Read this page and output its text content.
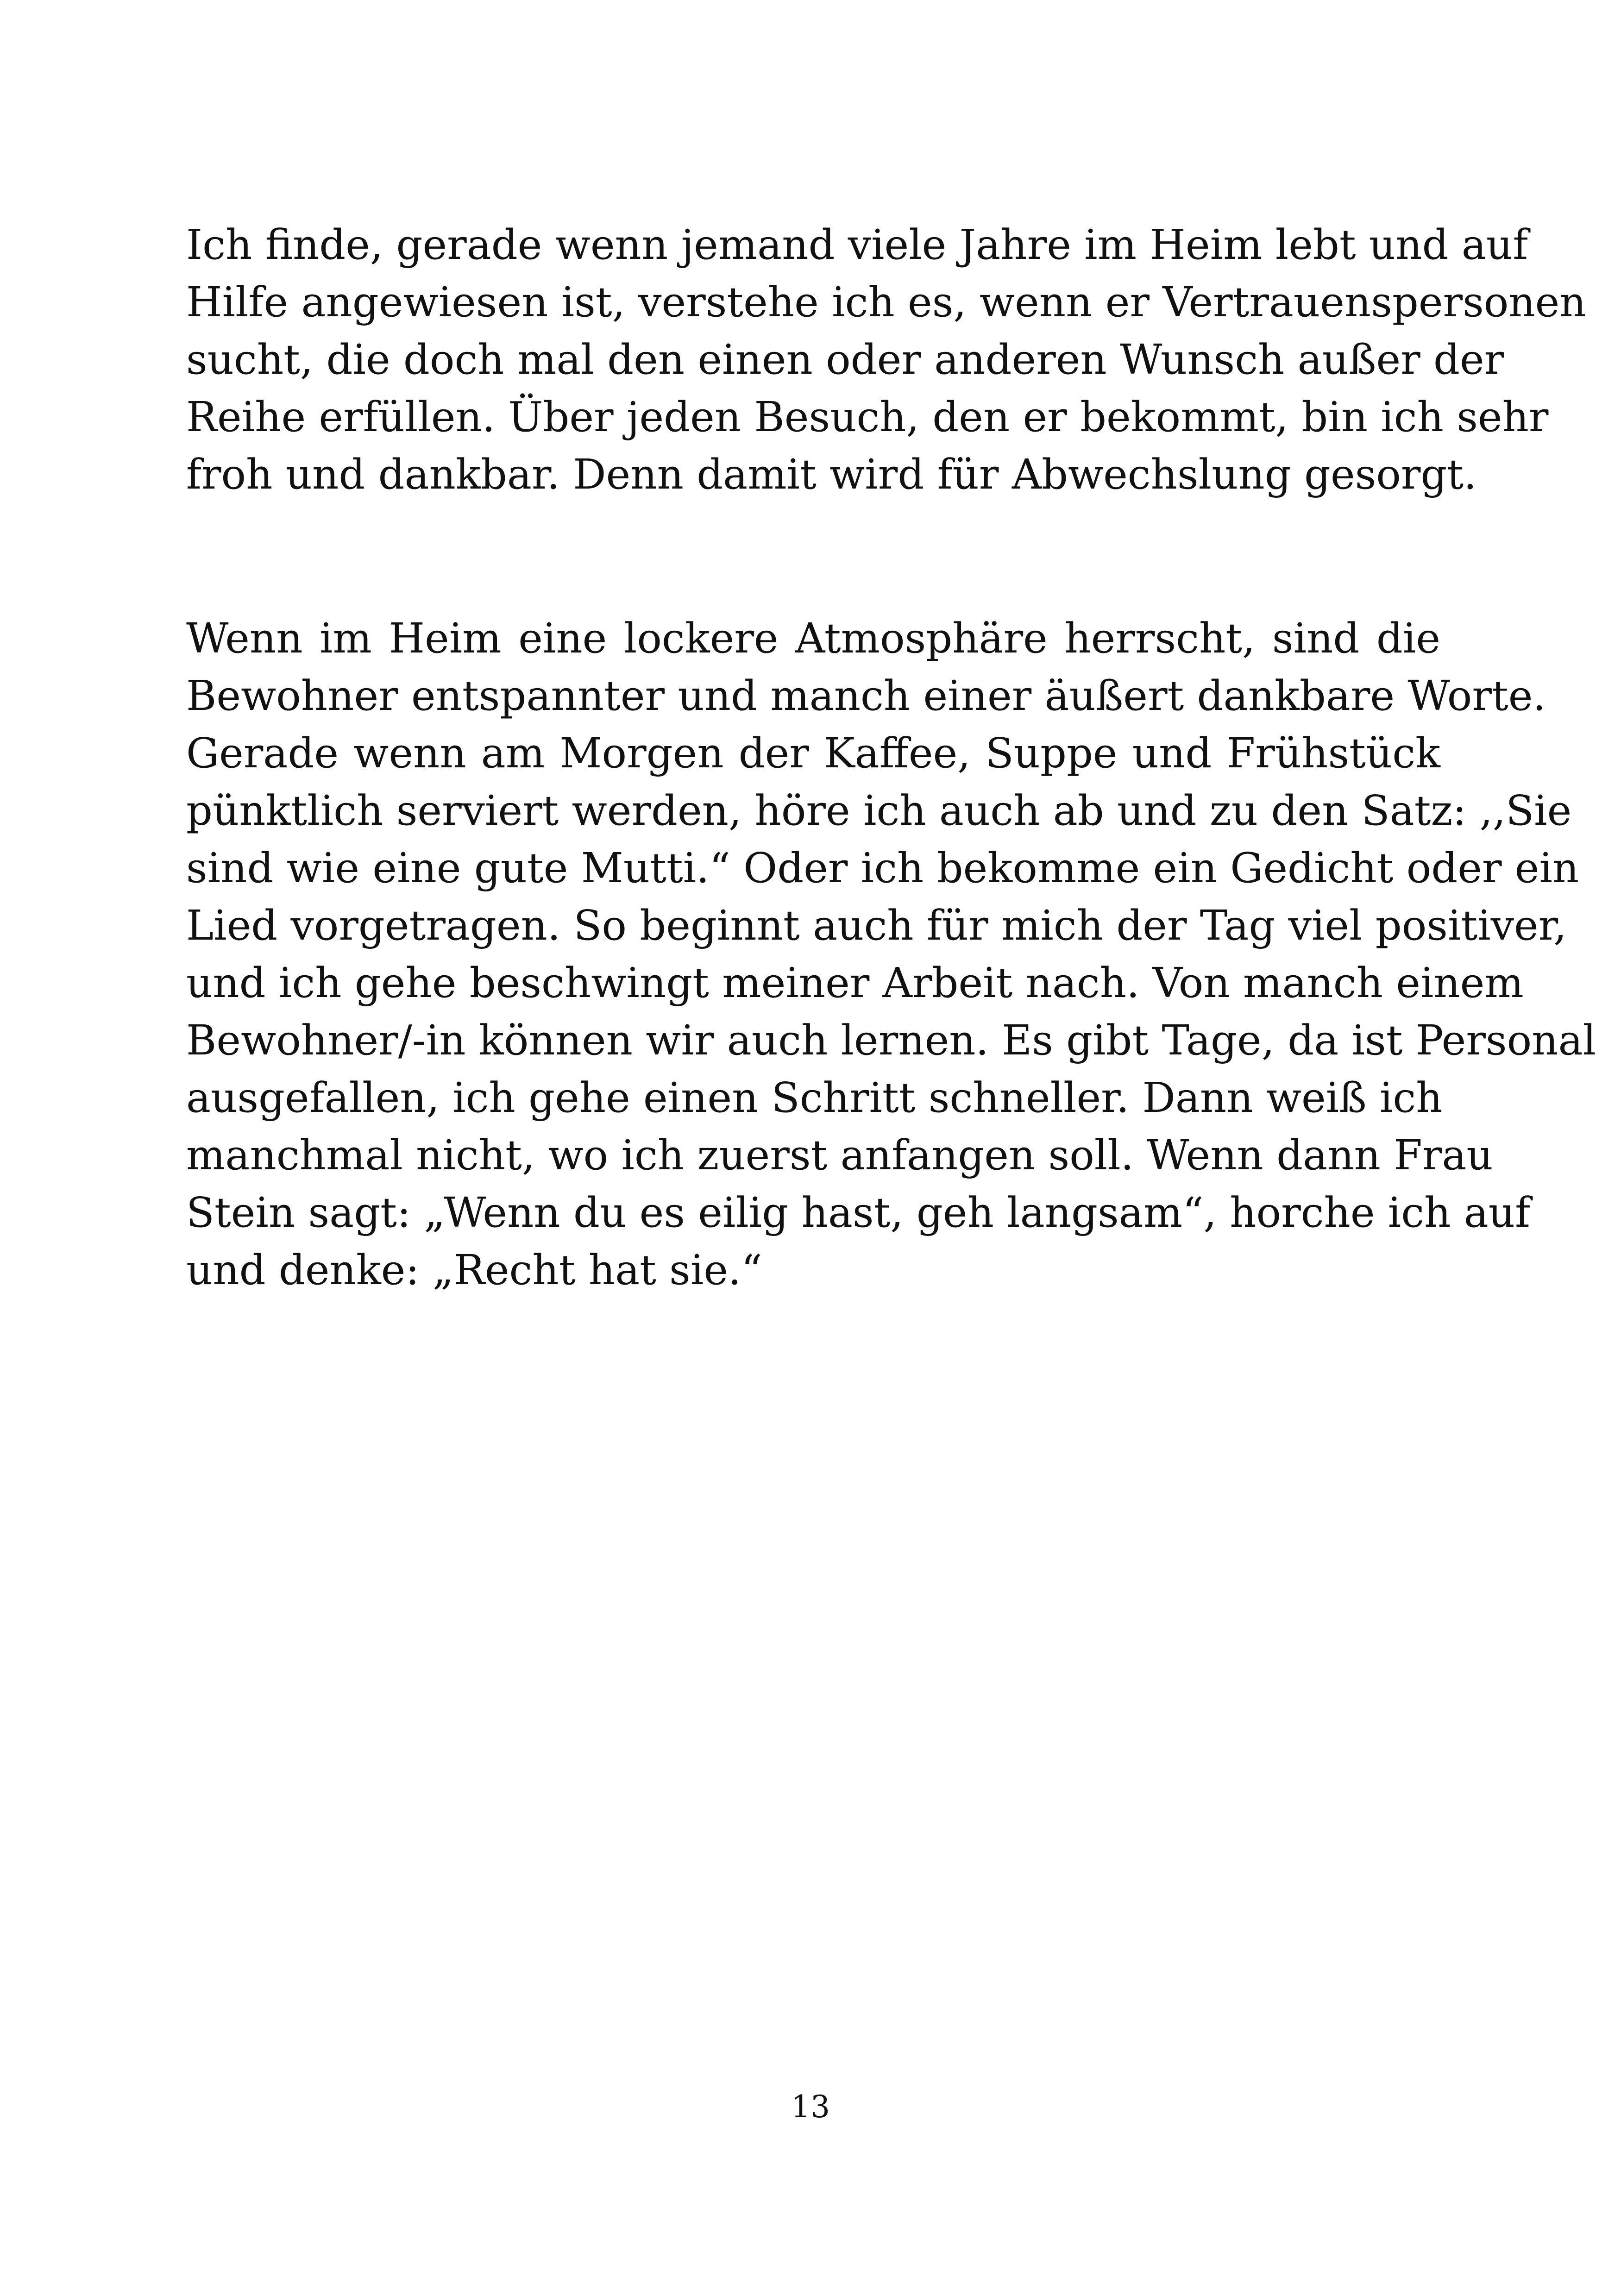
Ich finde, gerade wenn jemand viele Jahre im Heim lebt und auf
Hilfe angewiesen ist, verstehe ich es, wenn er Vertrauenspersonen
sucht, die doch mal den einen oder anderen Wunsch außer der
Reihe erfüllen. Über jeden Besuch, den er bekommt, bin ich sehr
froh und dankbar. Denn damit wird für Abwechslung gesorgt.
Wenn im Heim eine lockere Atmosphäre herrscht, sind die
Bewohner entspannter und manch einer äußert dankbare Worte.
Gerade wenn am Morgen der Kaffee, Suppe und Frühstück
pünktlich serviert werden, höre ich auch ab und zu den Satz: ,,Sie
sind wie eine gute Mutti.“ Oder ich bekomme ein Gedicht oder ein
Lied vorgetragen. So beginnt auch für mich der Tag viel positiver,
und ich gehe beschwingt meiner Arbeit nach. Von manch einem
Bewohner/-in können wir auch lernen. Es gibt Tage, da ist Personal
ausgefallen, ich gehe einen Schritt schneller. Dann weiß ich
manchmal nicht, wo ich zuerst anfangen soll. Wenn dann Frau
Stein sagt: „Wenn du es eilig hast, geh langsam“, horche ich auf
und denke: „Recht hat sie.“
13
